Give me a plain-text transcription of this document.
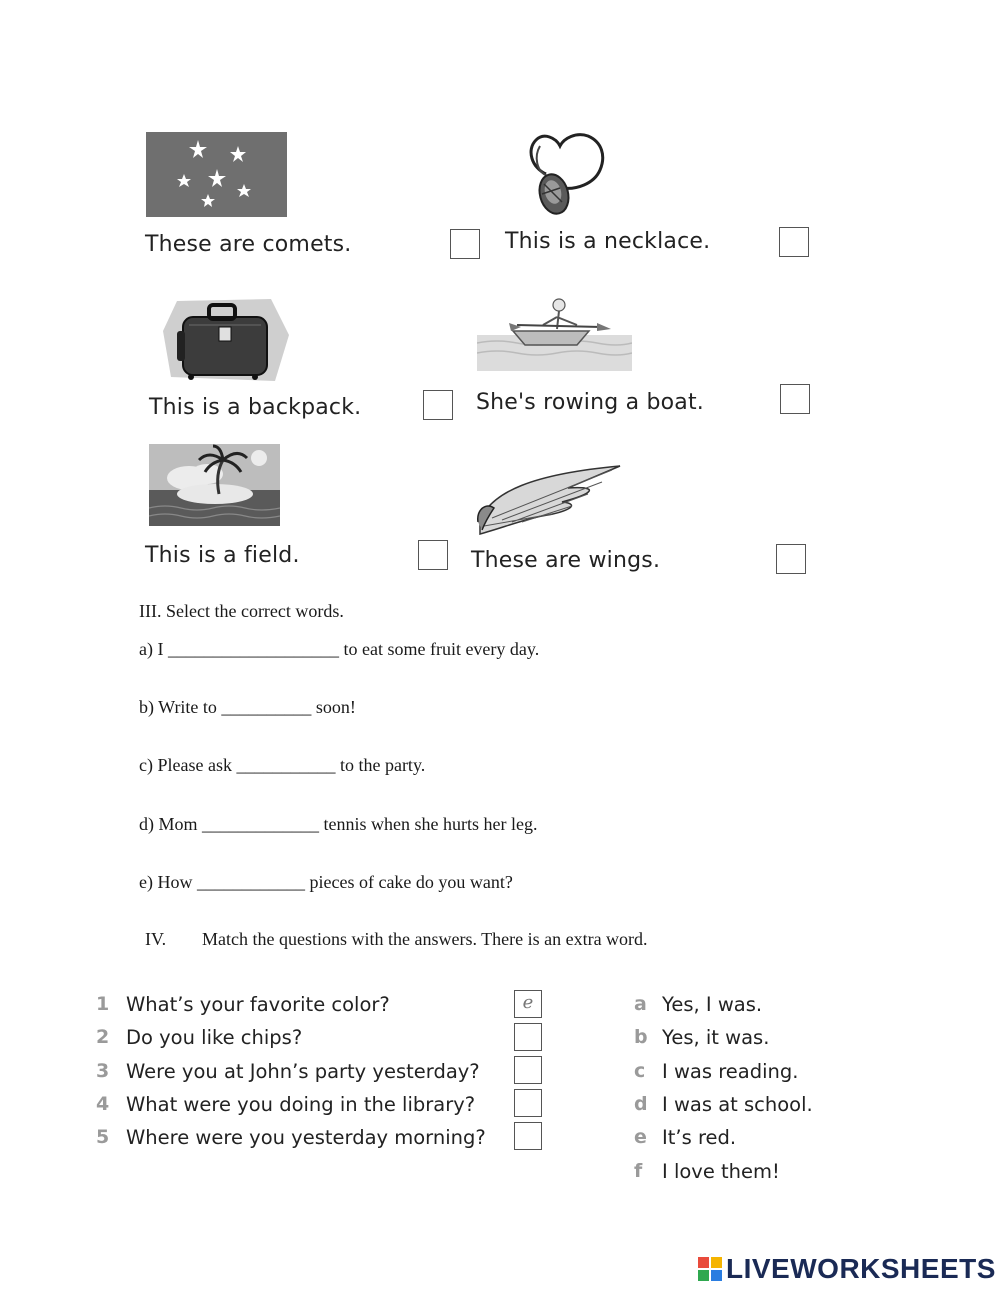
These are comets.	This is a necklace.
This is a backpack.	She's rowing a boat.
This is a field.	These are wings.
III. Select the correct words.
a) I ___________________ to eat some fruit every day.
b) Write to __________ soon!
c) Please ask ___________ to the party.
d) Mom _____________ tennis when she hurts her leg.
e) How ____________ pieces of cake do you want?
IV. Match the questions with the answers. There is an extra word.
1 What’s your favorite color?	e
2 Do you like chips?
3 Were you at John’s party yesterday?
4 What were you doing in the library?
5 Where were you yesterday morning?
a Yes, I was.
b Yes, it was.
c I was reading.
d I was at school.
e It’s red.
f I love them!
LIVEWORKSHEETS
